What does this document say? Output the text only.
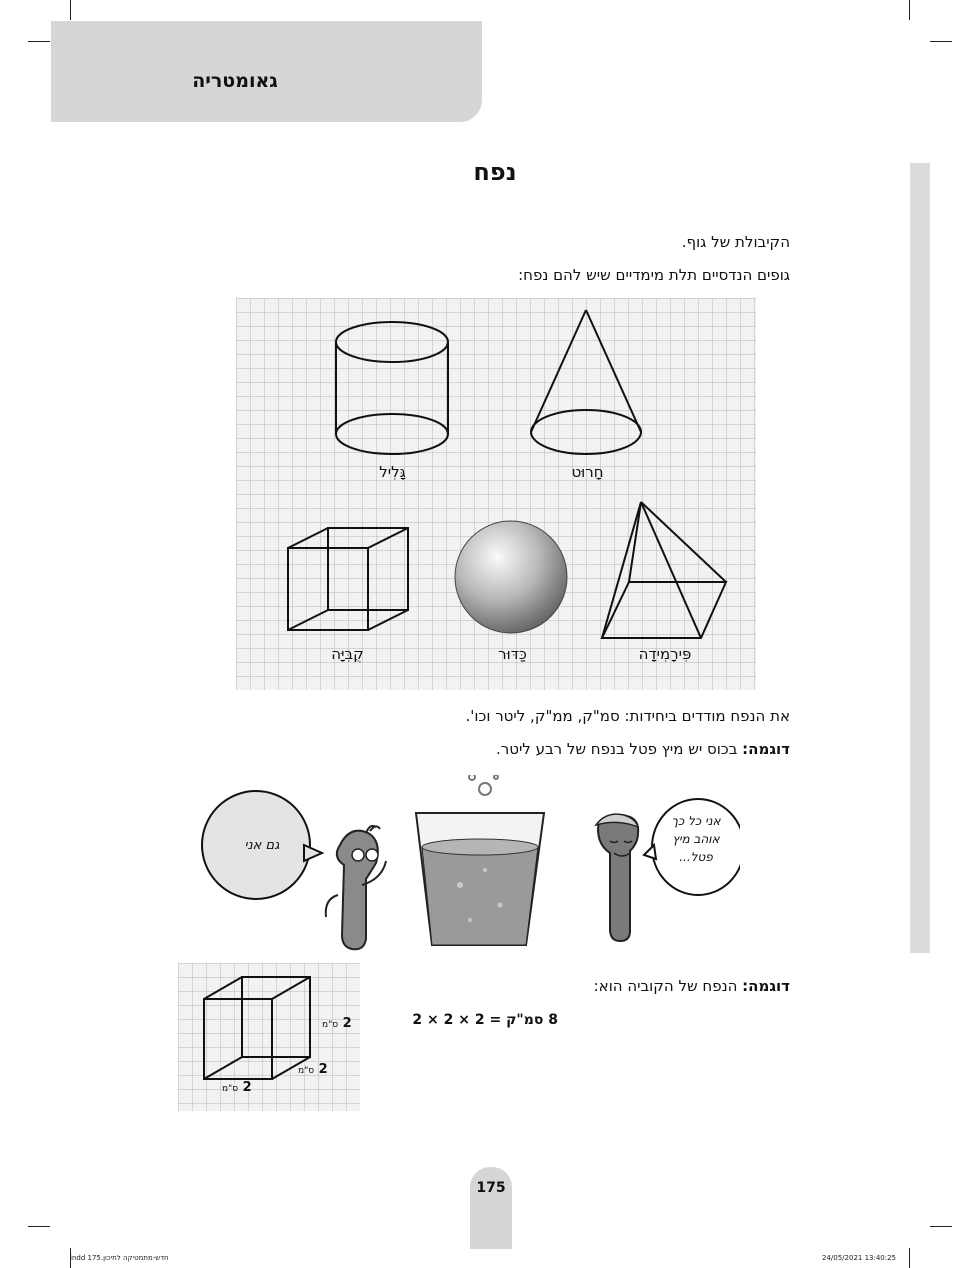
גאומטריה
נפח
הקיבולת של גוף.
גופים הנדסיים תלת מימדיים שיש להם נפח:
גָּלִיל	חָרוּט
קֻבִּיָּה	כַּדּוּר	פִּירָמִידָה
את הנפח מודדים ביחידות: סמ"ק, ממ"ק, ליטר וכו'.
דוגמה: בכוס יש מיץ פטל בנפח של רבע ליטר.
גם אני
אני כל כך
אוהב מיץ
פטל...
2 ס"מ
2 ס"מ
2 ס"מ
דוגמה: הנפח של הקוביה הוא:
8 סמ"ק = 2 × 2 × 2
175
חדש-מתמטיקה לתיכון.indd 175	24/05/2021 13:40:25
